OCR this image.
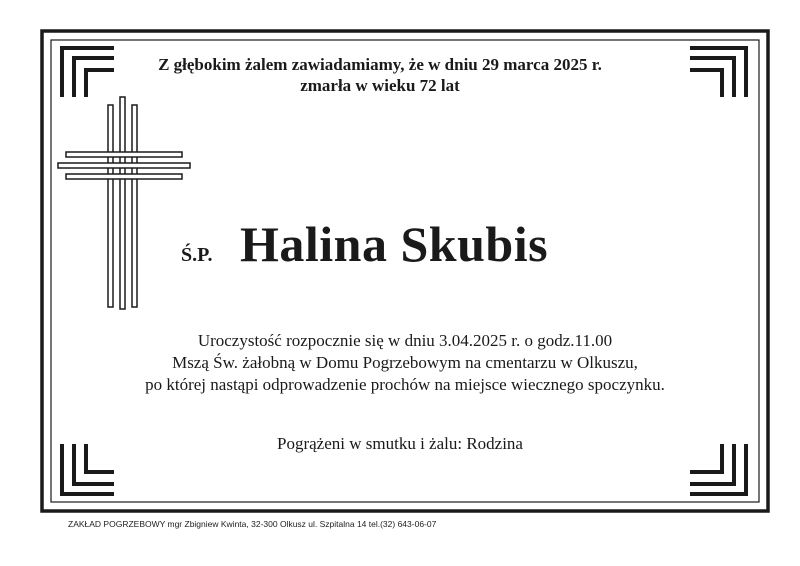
Z głębokim żalem zawiadamiamy, że w dniu 29 marca 2025 r.
zmarła w wieku 72 lat
Ś.P. Halina Skubis
Uroczystość rozpocznie się w dniu 3.04.2025 r. o godz.11.00
Mszą Św. żałobną w Domu Pogrzebowym na cmentarzu w Olkuszu,
po której nastąpi odprowadzenie prochów na miejsce wiecznego spoczynku.
Pogrążeni w smutku i żalu: Rodzina
ZAKŁAD POGRZEBOWY mgr Zbigniew Kwinta, 32-300 Olkusz ul. Szpitalna 14 tel.(32) 643-06-07
